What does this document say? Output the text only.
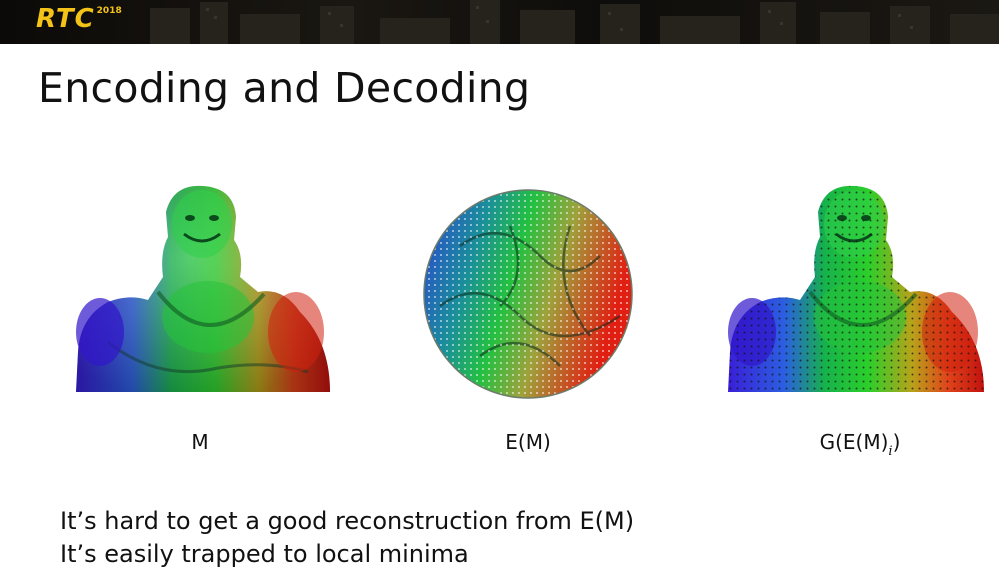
RTC 2018
Encoding and Decoding
M	E(M)	$G(E(M)_i)$
It’s hard to get a good reconstruction from E(M)
It’s easily trapped to local minima
